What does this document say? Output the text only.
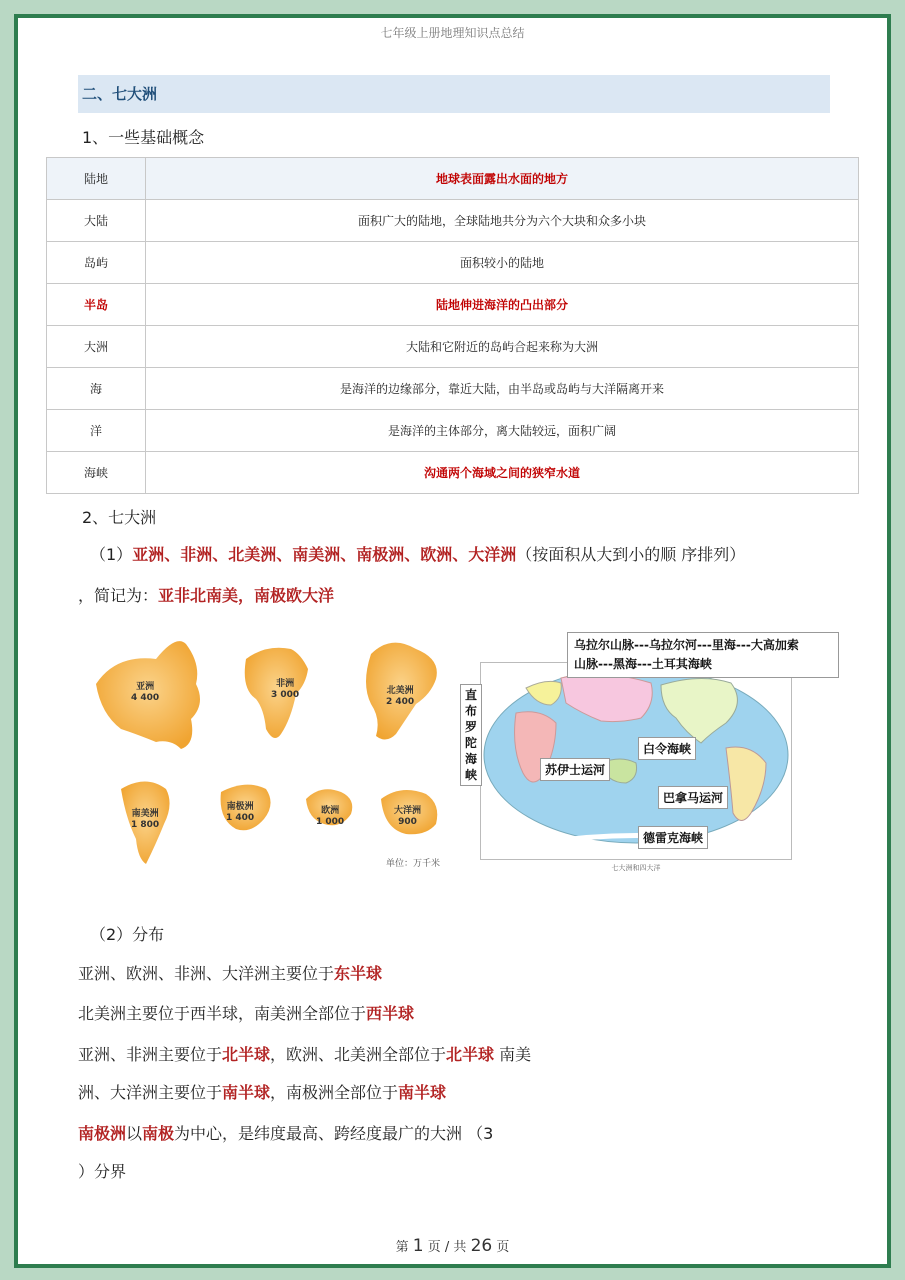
七年级上册地理知识点总结
二、七大洲
1、一些基础概念
陆地	地球表面露出水面的地方
大陆	面积广大的陆地，全球陆地共分为六个大块和众多小块
岛屿	面积较小的陆地
半岛	陆地伸进海洋的凸出部分
大洲	大陆和它附近的岛屿合起来称为大洲
海	是海洋的边缘部分，靠近大陆，由半岛或岛屿与大洋隔离开来
洋	是海洋的主体部分，离大陆较远，面积广阔
海峡	沟通两个海域之间的狭窄水道
2、七大洲
（1）亚洲、非洲、北美洲、南美洲、南极洲、欧洲、大洋洲（按面积从大到小的顺 序排列）
，简记为：亚非北南美，南极欧大洋
亚洲
4 400
非洲
3 000	北美洲
2 400
南美洲
1 800
南极洲
1 400
欧洲
1 000
大洋洲
900
单位：万千米	七大洲和四大洋
乌拉尔山脉---乌拉尔河---里海---大高加索
山脉---黑海---土耳其海峡
直
布
罗
陀
海
峡	苏伊士运河
白令海峡
巴拿马运河
德雷克海峡
（2）分布
亚洲、欧洲、非洲、大洋洲主要位于东半球
北美洲主要位于西半球，南美洲全部位于西半球
亚洲、非洲主要位于北半球，欧洲、北美洲全部位于北半球 南美
洲、大洋洲主要位于南半球，南极洲全部位于南半球
南极洲以南极为中心，是纬度最高、跨经度最广的大洲 （3
）分界
第 1 页 / 共 26 页
